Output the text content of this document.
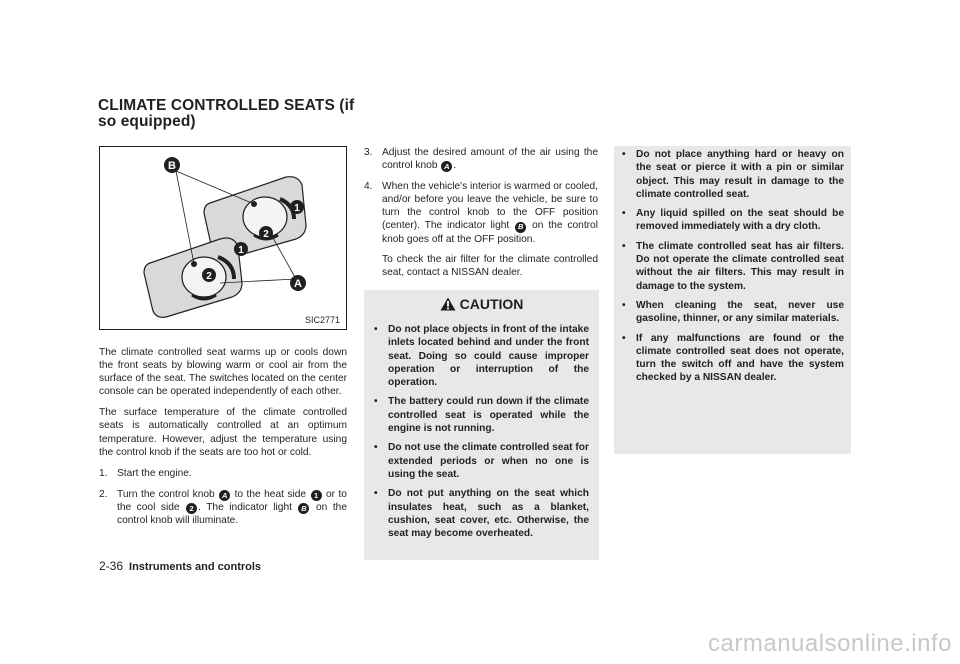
CLIMATE CONTROLLED SEATS (if so equipped)
B
1
2
1
2
A
SIC2771

The climate controlled seat warms up or cools down the front seats by blowing warm or cool air from the surface of the seat. The switches located on the center console can be operated independently of each other.

The surface temperature of the climate controlled seats is automatically controlled at an optimum temperature. However, adjust the temperature using the control knob if the seats are too hot or cold.

1. Start the engine.
2. Turn the control knob A to the heat side 1 or to the cool side 2 . The indicator light B on the control knob will illuminate.
3. Adjust the desired amount of the air using the control knob A .
4. When the vehicle's interior is warmed or cooled, and/or before you leave the vehicle, be sure to turn the control knob to the OFF position (center). The indicator light B on the control knob goes off at the OFF position.

To check the air filter for the climate controlled seat, contact a NISSAN dealer.

CAUTION
• Do not place objects in front of the intake inlets located behind and under the front seat. Doing so could cause improper operation or interruption of the operation.
• The battery could run down if the climate controlled seat is operated while the engine is not running.
• Do not use the climate controlled seat for extended periods or when no one is using the seat.
• Do not put anything on the seat which insulates heat, such as a blanket, cushion, seat cover, etc. Otherwise, the seat may become overheated.
• Do not place anything hard or heavy on the seat or pierce it with a pin or similar object. This may result in damage to the climate controlled seat.
• Any liquid spilled on the seat should be removed immediately with a dry cloth.
• The climate controlled seat has air filters. Do not operate the climate controlled seat without the air filters. This may result in damage to the system.
• When cleaning the seat, never use gasoline, thinner, or any similar materials.
• If any malfunctions are found or the climate controlled seat does not operate, turn the switch off and have the system checked by a NISSAN dealer.
2-36 Instruments and controls
carmanualsonline.info
